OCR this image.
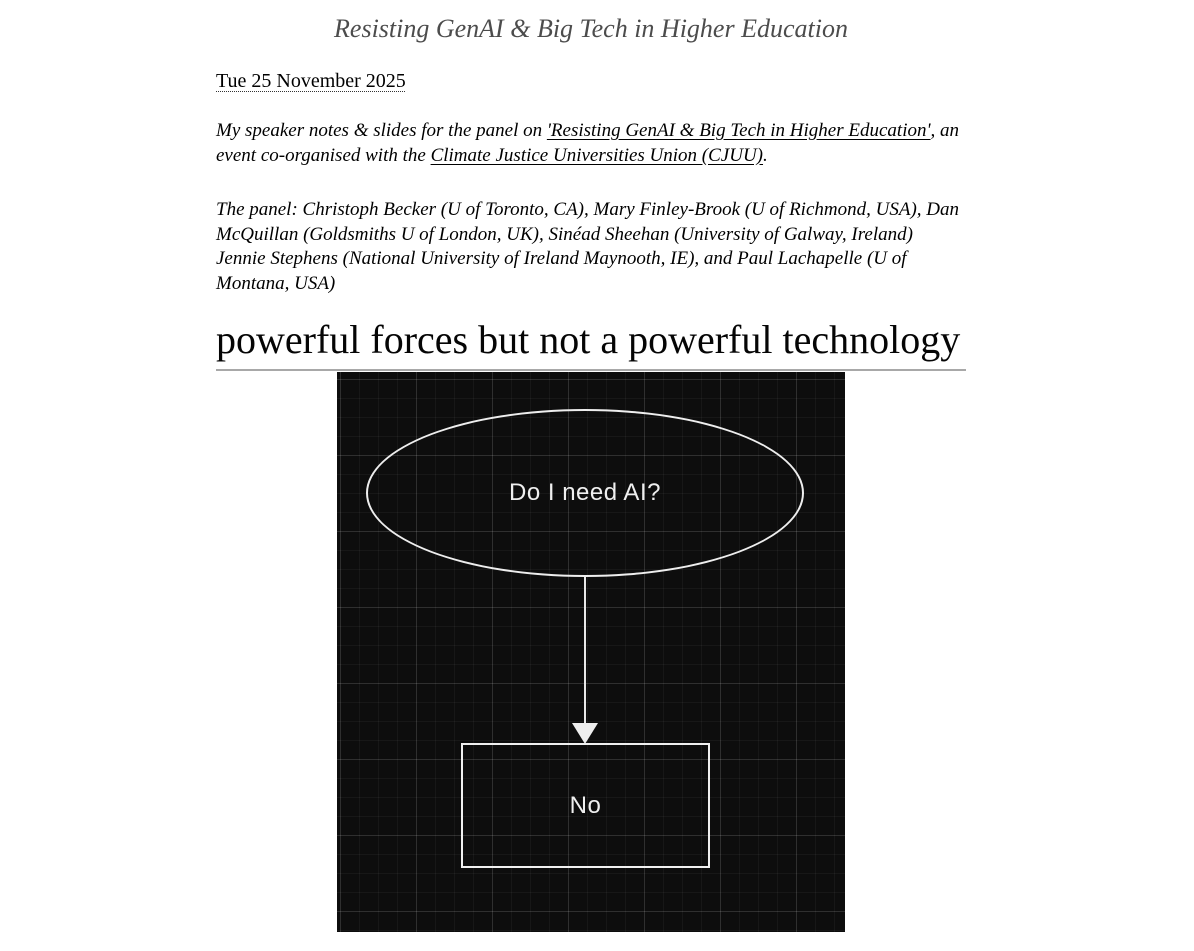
Resisting GenAI & Big Tech in Higher Education
Tue 25 November 2025

My speaker notes & slides for the panel on 'Resisting GenAI & Big Tech in Higher Education', an event co-organised with the Climate Justice Universities Union (CJUU).

The panel: Christoph Becker (U of Toronto, CA), Mary Finley-Brook (U of Richmond, USA), Dan McQuillan (Goldsmiths U of London, UK), Sinéad Sheehan (University of Galway, Ireland) Jennie Stephens (National University of Ireland Maynooth, IE), and Paul Lachapelle (U of Montana, USA)

powerful forces but not a powerful technology
Do I need AI?
No
